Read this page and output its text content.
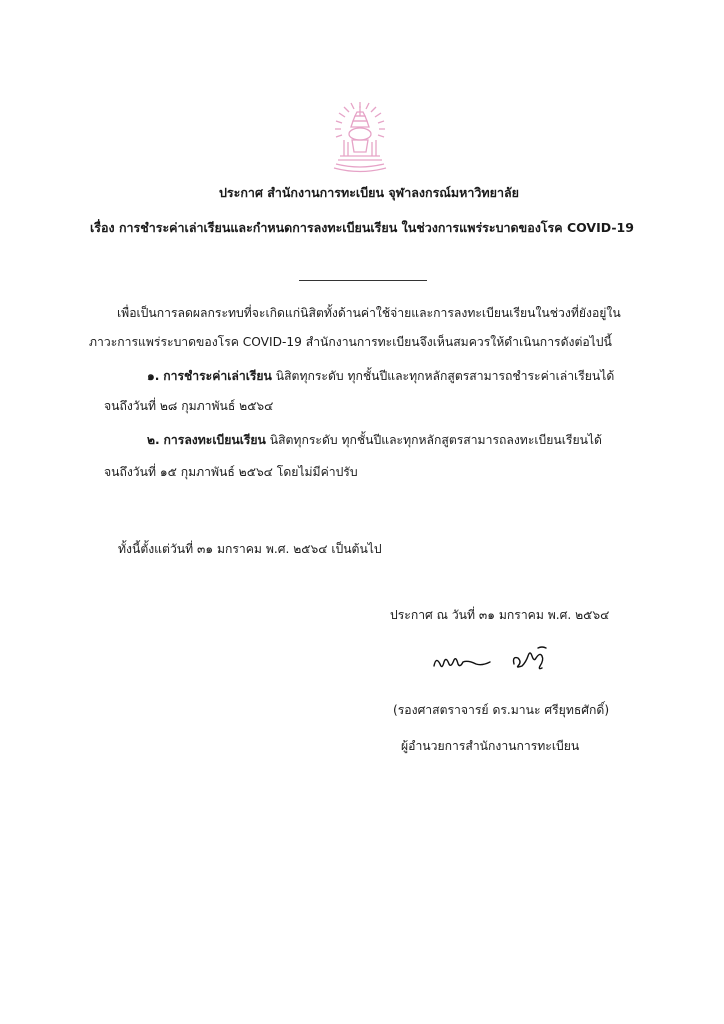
ประกาศ สำนักงานการทะเบียน จุฬาลงกรณ์มหาวิทยาลัย
เรื่อง การชำระค่าเล่าเรียนและกำหนดการลงทะเบียนเรียน ในช่วงการแพร่ระบาดของโรค COVID-19
เพื่อเป็นการลดผลกระทบที่จะเกิดแก่นิสิตทั้งด้านค่าใช้จ่ายและการลงทะเบียนเรียนในช่วงที่ยังอยู่ใน
ภาวะการแพร่ระบาดของโรค COVID-19 สำนักงานการทะเบียนจึงเห็นสมควรให้ดำเนินการดังต่อไปนี้
๑. การชำระค่าเล่าเรียน นิสิตทุกระดับ ทุกชั้นปีและทุกหลักสูตรสามารถชำระค่าเล่าเรียนได้
จนถึงวันที่ ๒๘ กุมภาพันธ์ ๒๕๖๔
๒. การลงทะเบียนเรียน นิสิตทุกระดับ ทุกชั้นปีและทุกหลักสูตรสามารถลงทะเบียนเรียนได้
จนถึงวันที่ ๑๕ กุมภาพันธ์ ๒๕๖๔ โดยไม่มีค่าปรับ
ทั้งนี้ตั้งแต่วันที่ ๓๑ มกราคม พ.ศ. ๒๕๖๔ เป็นต้นไป
ประกาศ ณ วันที่ ๓๑ มกราคม พ.ศ. ๒๕๖๔
(รองศาสตราจารย์ ดร.มานะ ศรียุทธศักดิ์)
ผู้อำนวยการสำนักงานการทะเบียน
